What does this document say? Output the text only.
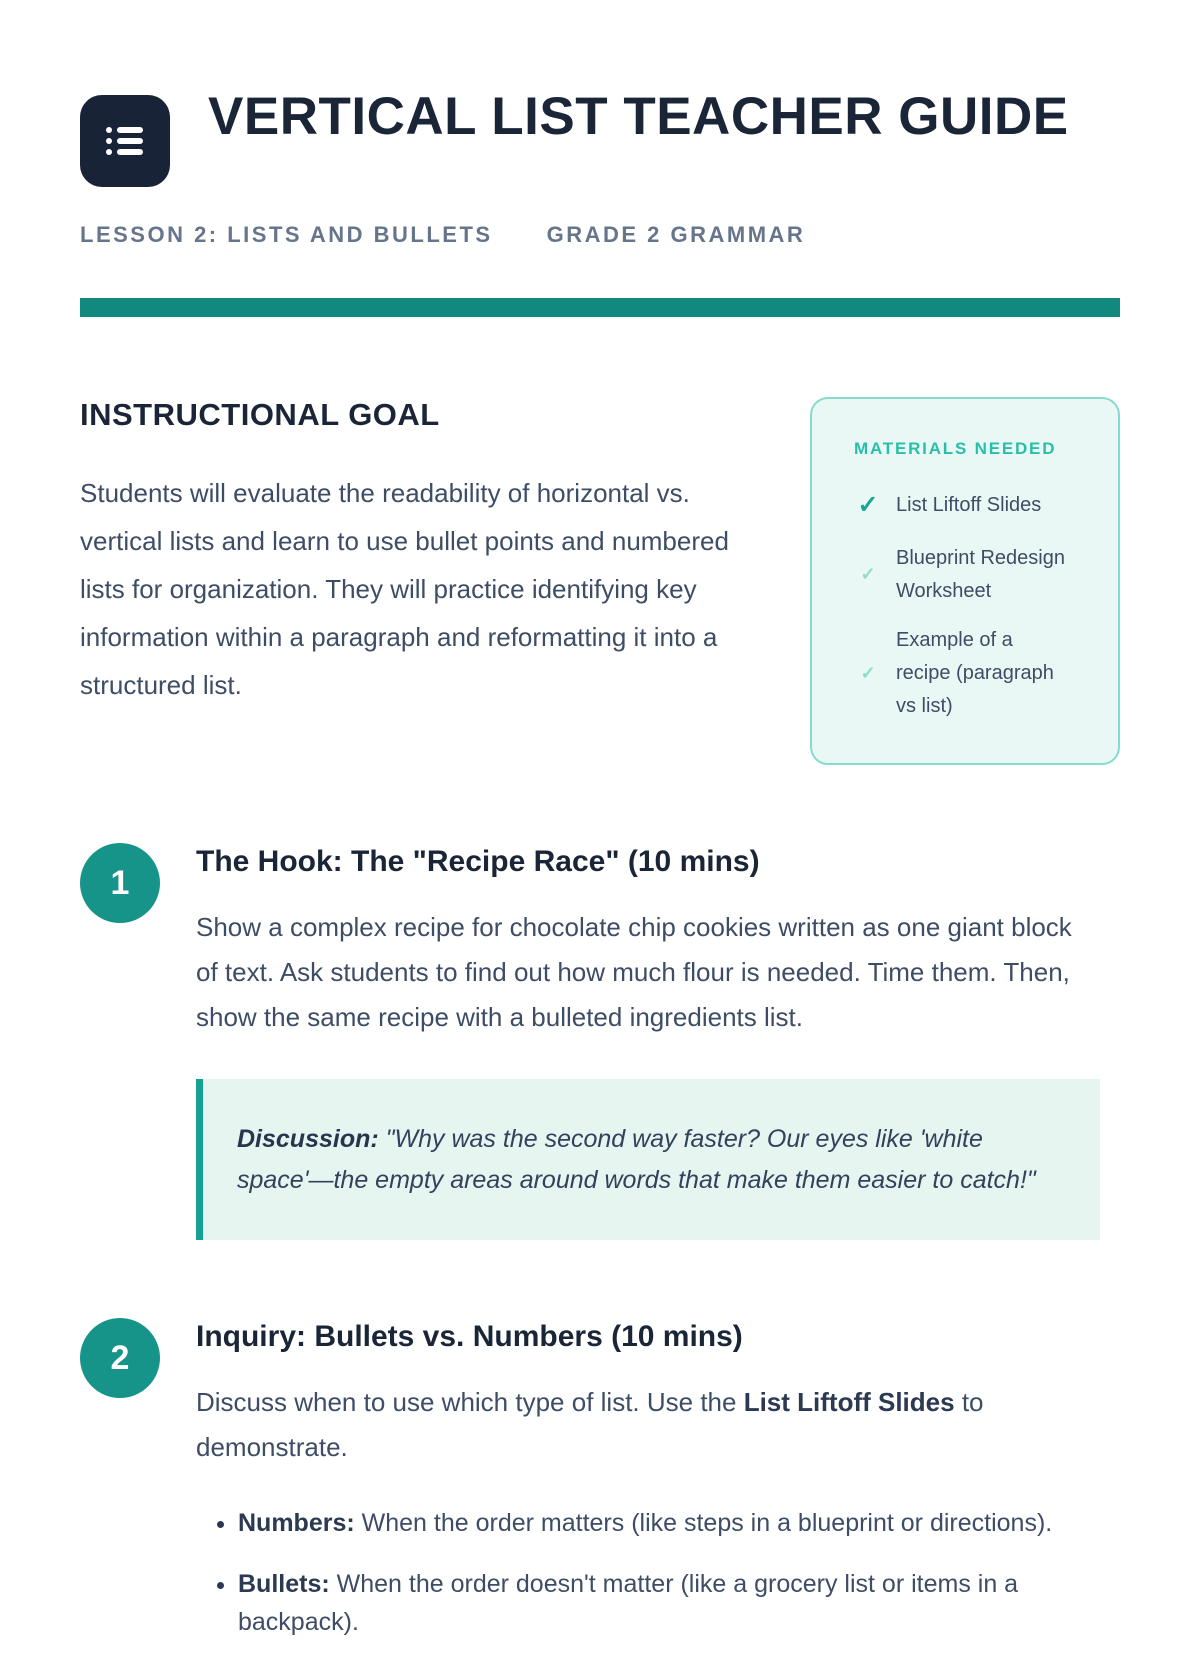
VERTICAL LIST TEACHER GUIDE
LESSON 2: LISTS AND BULLETS GRADE 2 GRAMMAR
INSTRUCTIONAL GOAL

Students will evaluate the readability of horizontal vs. vertical lists and learn to use bullet points and numbered lists for organization. They will practice identifying key information within a paragraph and reformatting it into a structured list.

MATERIALS NEEDED
✓ List Liftoff Slides
✓
Blueprint Redesign Worksheet
✓
Example of a recipe (paragraph vs list)
1
The Hook: The "Recipe Race" (10 mins)

Show a complex recipe for chocolate chip cookies written as one giant block of text. Ask students to find out how much flour is needed. Time them. Then, show the same recipe with a bulleted ingredients list.

Discussion: "Why was the second way faster? Our eyes like 'white space'—the empty areas around words that make them easier to catch!"

2
Inquiry: Bullets vs. Numbers (10 mins)

Discuss when to use which type of list. Use the List Liftoff Slides to demonstrate.

• Numbers: When the order matters (like steps in a blueprint or directions).
• Bullets: When the order doesn't matter (like a grocery list or items in a backpack).
